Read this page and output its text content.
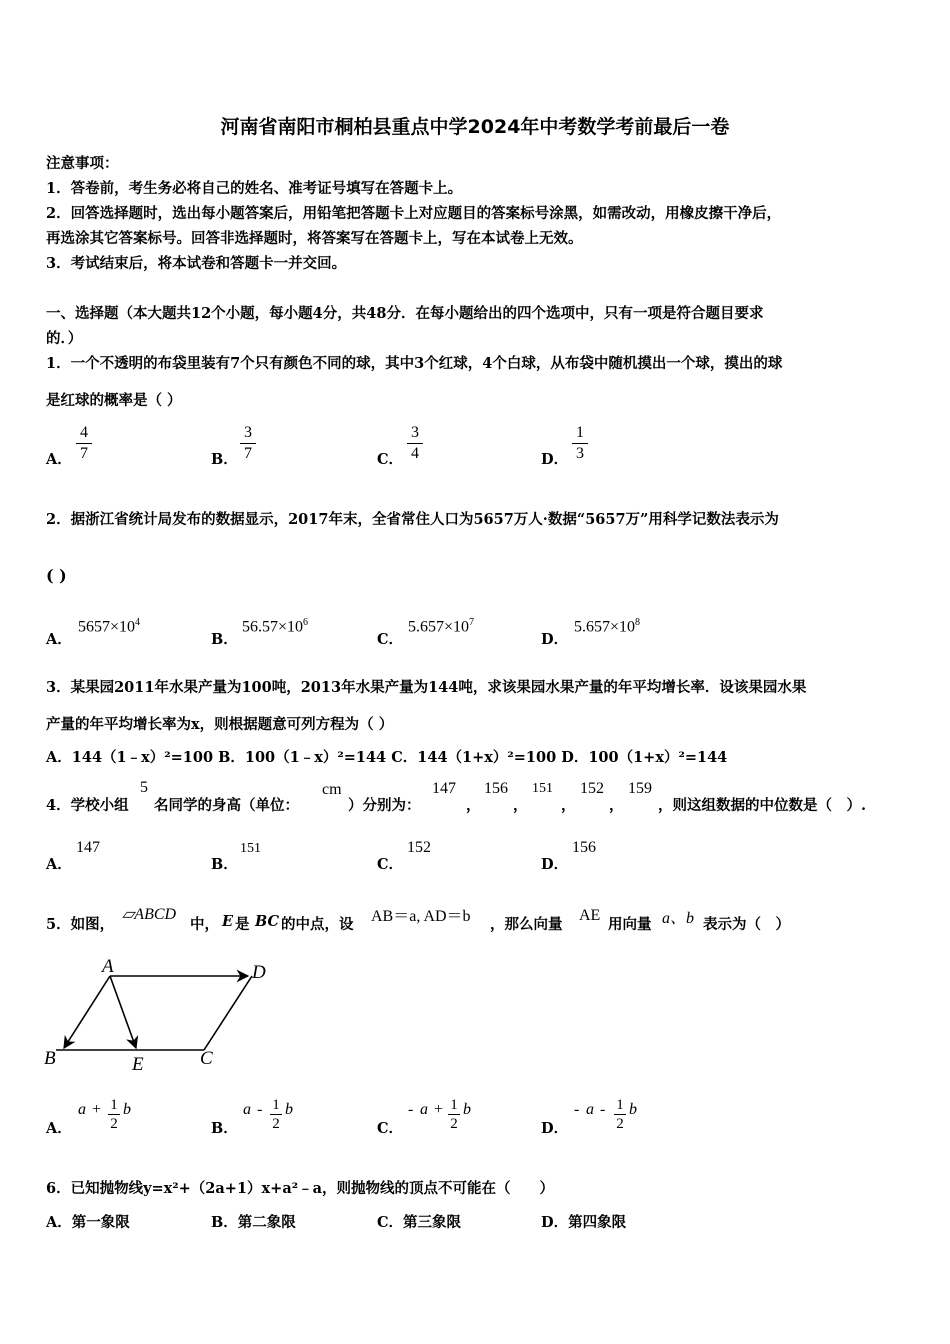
河南省南阳市桐柏县重点中学2024年中考数学考前最后一卷
注意事项：
1．答卷前，考生务必将自己的姓名、准考证号填写在答题卡上。
2．回答选择题时，选出每小题答案后，用铅笔把答题卡上对应题目的答案标号涂黑，如需改动，用橡皮擦干净后，
再选涂其它答案标号。回答非选择题时，将答案写在答题卡上，写在本试卷上无效。
3．考试结束后，将本试卷和答题卡一并交回。
一、选择题（本大题共12个小题，每小题4分，共48分．在每小题给出的四个选项中，只有一项是符合题目要求
的．）
1．一个不透明的布袋里装有7个只有颜色不同的球，其中3个红球，4个白球，从布袋中随机摸出一个球，摸出的球
是红球的概率是（ ）
A．
4
7	B．
3
7	C．
3
4	D．
1
3
2．据浙江省统计局发布的数据显示，2017年末，全省常住人口为5657万人·数据“5657万”用科学记数法表示为
( )
A．
$5657\times 10^4$
B．
$56.57\times 10^6$
C．
$5.657\times 10^7$
D．
$5.657\times 10^8$
3．某果园2011年水果产量为100吨，2013年水果产量为144吨，求该果园水果产量的年平均增长率．设该果园水果
产量的年平均增长率为x，则根据题意可列方程为（ ）
A．144（1﹣x）²=100 B．100（1﹣x）²=144 C．144（1+x）²=100 D．100（1+x）²=144
4．学校小组
5
名同学的身高（单位：
cm
）分别为：
147
，
156
，
151
，
152
，
159
，则这组数据的中位数是（　）.
A．
147
B．
151
C．
152
D．
156
5．如图，
▱ABCD
中， E 是 BC 的中点，设 AB＝a, AD＝b ，那么向量
AE
用向量 a、b 表示为（　）
A	D
B	E	C
A．
a + 1
2
b
B．
a - 1
2
b
C．
- a + 1
2
b
D．
- a - 1
2
b
6．已知抛物线y=x²+（2a+1）x+a²﹣a，则抛物线的顶点不可能在（　　）
A．第一象限	B．第二象限	C．第三象限	D．第四象限
